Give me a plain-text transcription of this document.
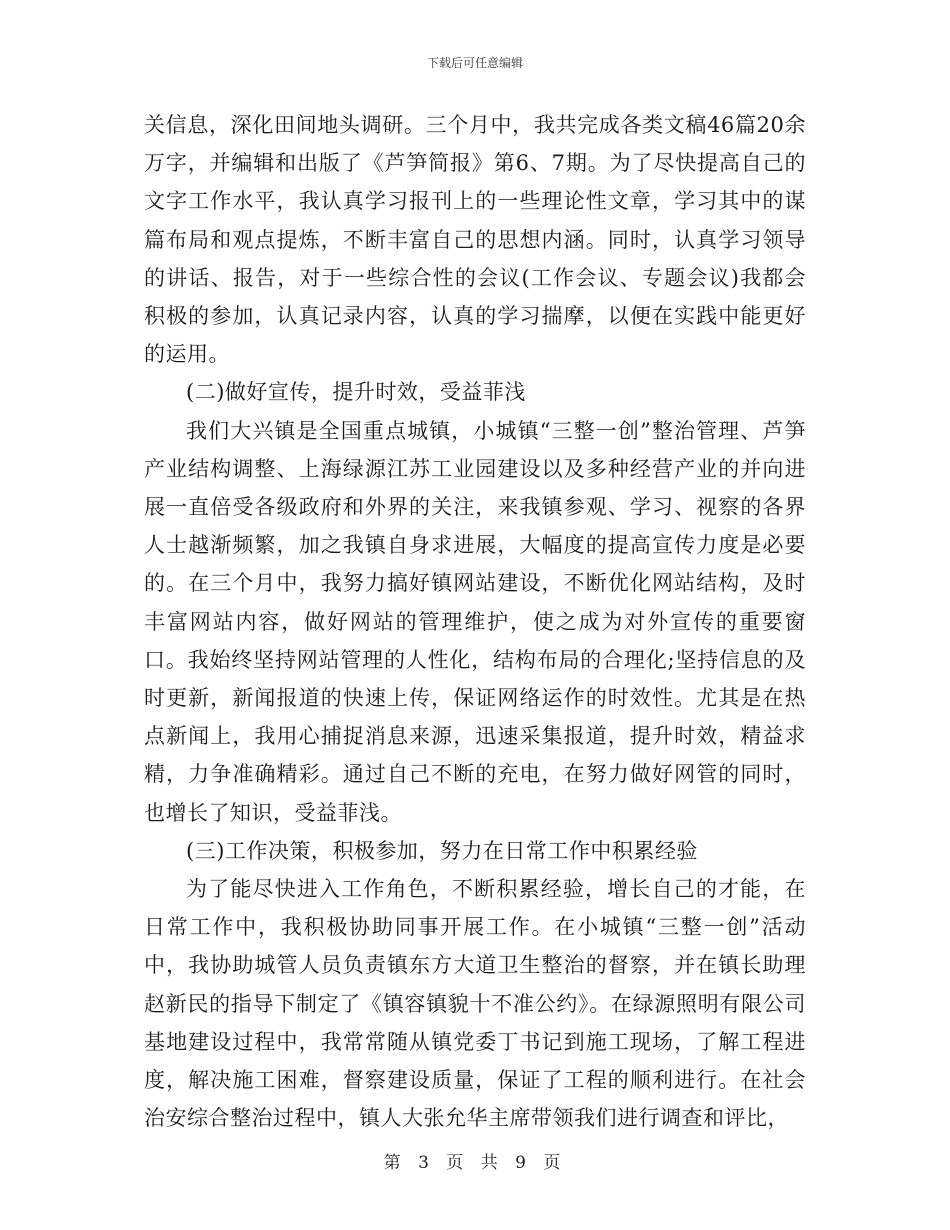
下载后可任意编辑

关信息，深化田间地头调研。三个月中，我共完成各类文稿46篇20余万字，并编辑和出版了《芦笋简报》第6、7期。为了尽快提高自己的文字工作水平，我认真学习报刊上的一些理论性文章，学习其中的谋篇布局和观点提炼，不断丰富自己的思想内涵。同时，认真学习领导的讲话、报告，对于一些综合性的会议(工作会议、专题会议)我都会积极的参加，认真记录内容，认真的学习揣摩，以便在实践中能更好的运用。

(二)做好宣传，提升时效，受益菲浅

我们大兴镇是全国重点城镇，小城镇“三整一创”整治管理、芦笋产业结构调整、上海绿源江苏工业园建设以及多种经营产业的并向进展一直倍受各级政府和外界的关注，来我镇参观、学习、视察的各界人士越渐频繁，加之我镇自身求进展，大幅度的提高宣传力度是必要的。在三个月中，我努力搞好镇网站建设，不断优化网站结构，及时丰富网站内容，做好网站的管理维护，使之成为对外宣传的重要窗口。我始终坚持网站管理的人性化，结构布局的合理化;坚持信息的及时更新，新闻报道的快速上传，保证网络运作的时效性。尤其是在热点新闻上，我用心捕捉消息来源，迅速采集报道，提升时效，精益求精，力争准确精彩。通过自己不断的充电，在努力做好网管的同时，也增长了知识，受益菲浅。

(三)工作决策，积极参加，努力在日常工作中积累经验

为了能尽快进入工作角色，不断积累经验，增长自己的才能，在日常工作中，我积极协助同事开展工作。在小城镇“三整一创”活动中，我协助城管人员负责镇东方大道卫生整治的督察，并在镇长助理赵新民的指导下制定了《镇容镇貌十不准公约》。在绿源照明有限公司基地建设过程中，我常常随从镇党委丁书记到施工现场，了解工程进度，解决施工困难，督察建设质量，保证了工程的顺利进行。在社会治安综合整治过程中，镇人大张允华主席带领我们进行调查和评比，

第 3 页 共 9 页
